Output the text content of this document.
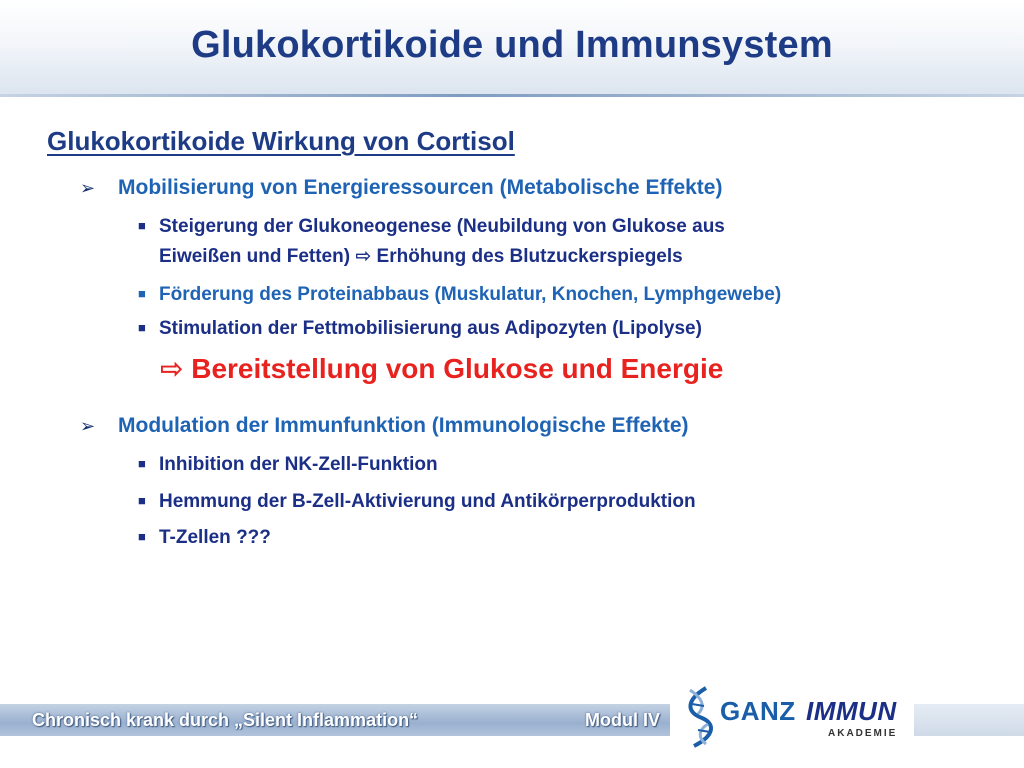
Glukokortikoide und Immunsystem
Glukokortikoide Wirkung von Cortisol
➢ Mobilisierung von Energieressourcen (Metabolische Effekte)
■ Steigerung der Glukoneogenese (Neubildung von Glukose aus
Eiweißen und Fetten) ⇨ Erhöhung des Blutzuckerspiegels
■ Förderung des Proteinabbaus (Muskulatur, Knochen, Lymphgewebe)
■ Stimulation der Fettmobilisierung aus Adipozyten (Lipolyse)
⇨ Bereitstellung von Glukose und Energie
➢ Modulation der Immunfunktion (Immunologische Effekte)
■ Inhibition der NK-Zell-Funktion
■ Hemmung der B-Zell-Aktivierung und Antikörperproduktion
■ T-Zellen ???
Chronisch krank durch „Silent Inflammation“	Modul IV GANZ IMMUN
AKADEMIE
